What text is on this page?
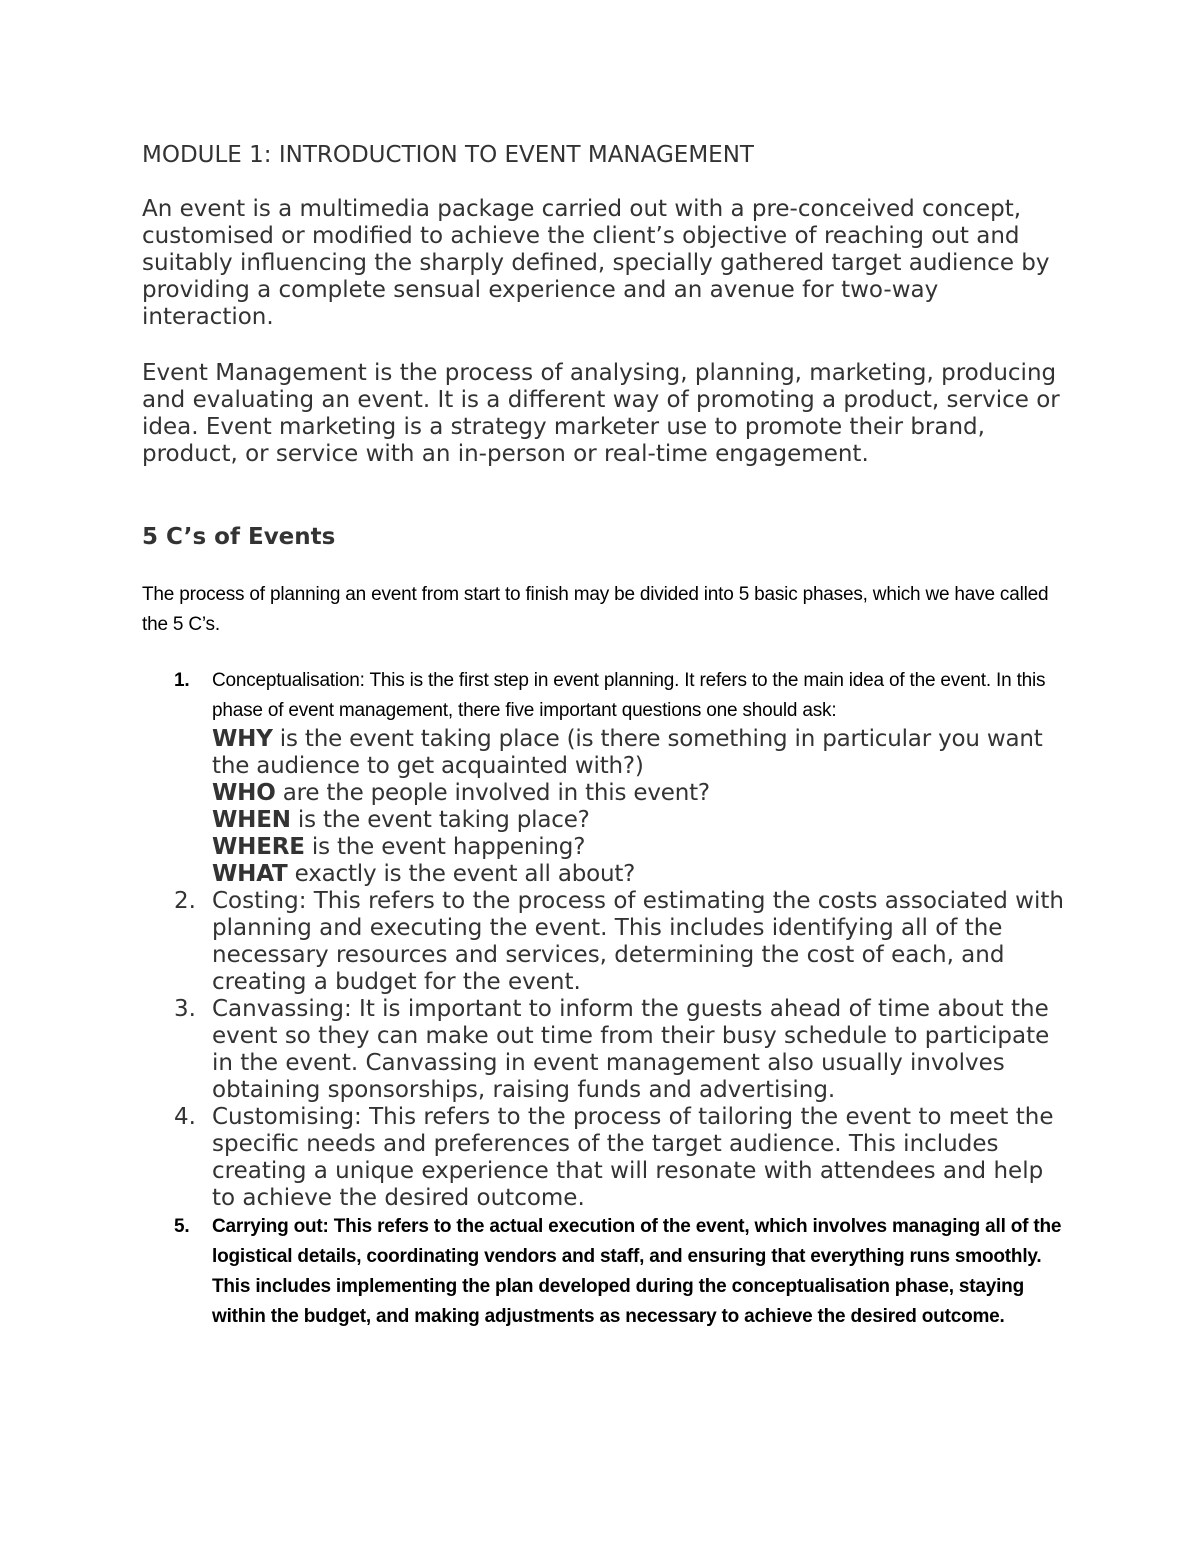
MODULE 1: INTRODUCTION TO EVENT MANAGEMENT

An event is a multimedia package carried out with a pre-conceived concept, customised or modified to achieve the client’s objective of reaching out and suitably influencing the sharply defined, specially gathered target audience by providing a complete sensual experience and an avenue for two-way interaction.

Event Management is the process of analysing, planning, marketing, producing and evaluating an event. It is a different way of promoting a product, service or idea. Event marketing is a strategy marketer use to promote their brand, product, or service with an in-person or real-time engagement.

5 C’s of Events

The process of planning an event from start to finish may be divided into 5 basic phases, which we have called the 5 C’s.

1. Conceptualisation: This is the first step in event planning. It refers to the main idea of the event. In this phase of event management, there five important questions one should ask:
WHY is the event taking place (is there something in particular you want the audience to get acquainted with?)
WHO are the people involved in this event?
WHEN is the event taking place?
WHERE is the event happening?
WHAT exactly is the event all about?
2. Costing: This refers to the process of estimating the costs associated with planning and executing the event. This includes identifying all of the necessary resources and services, determining the cost of each, and creating a budget for the event.
3. Canvassing: It is important to inform the guests ahead of time about the event so they can make out time from their busy schedule to participate in the event. Canvassing in event management also usually involves obtaining sponsorships, raising funds and advertising.
4. Customising: This refers to the process of tailoring the event to meet the specific needs and preferences of the target audience. This includes creating a unique experience that will resonate with attendees and help to achieve the desired outcome.
5. Carrying out: This refers to the actual execution of the event, which involves managing all of the logistical details, coordinating vendors and staff, and ensuring that everything runs smoothly. This includes implementing the plan developed during the conceptualisation phase, staying within the budget, and making adjustments as necessary to achieve the desired outcome.
